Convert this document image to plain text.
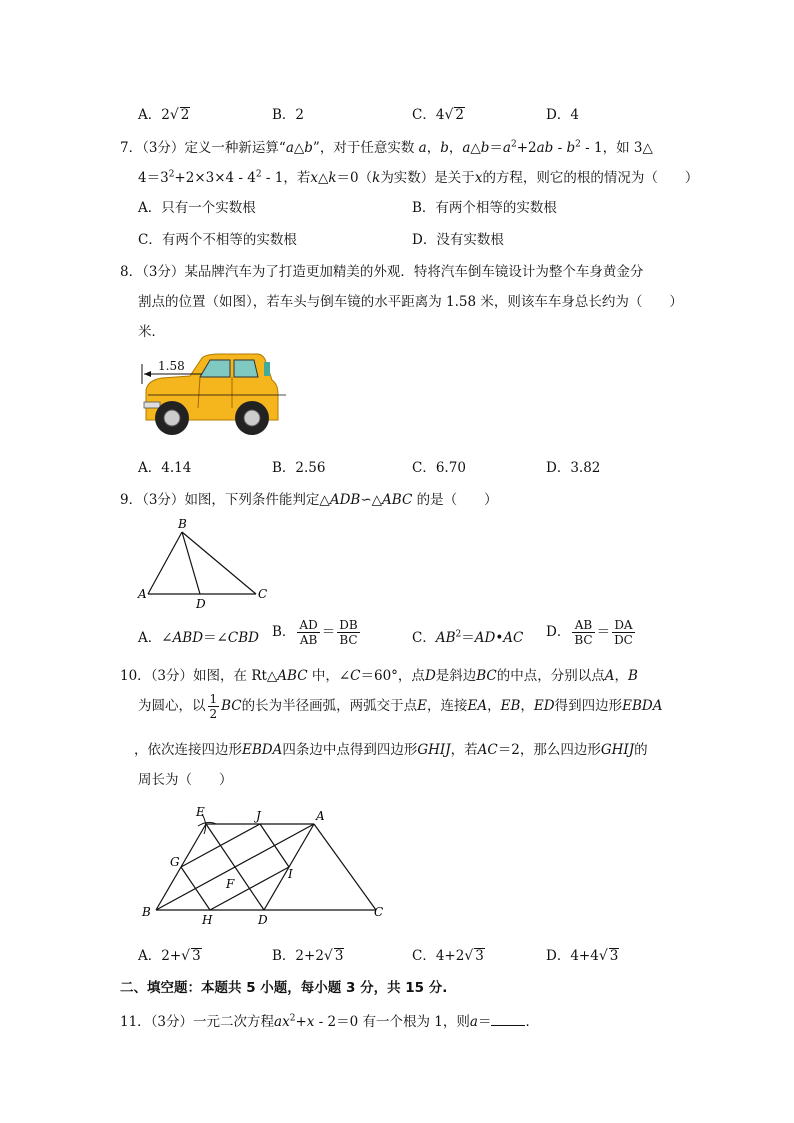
A．2√ 2	B．2	C．4√ 2	D．4
7．（3分）定义一种新运算“a△b”，对于任意实数 a，b，$a\triangle b=a^2+2ab - b^2 - 1$，如 3△
$4=3^2+2\times 3\times 4 - 4^2 - 1$，若x△k＝0（k为实数）是关于x的方程，则它的根的情况为（　　）
A．只有一个实数根	B．有两个相等的实数根
C．有两个不相等的实数根	D．没有实数根
8．（3分）某品牌汽车为了打造更加精美的外观．特将汽车倒车镜设计为整个车身黄金分
割点的位置（如图），若车头与倒车镜的水平距离为 1.58 米，则该车车身总长约为（　　）
米．
1.58
A．4.14	B．2.56	C．6.70	D．3.82
9．（3分）如图，下列条件能判定△ADB∽△ABC 的是（　　）
B
A
D
C
A．∠ABD＝∠CBD B． $\frac{AD}{AB} = \frac{DB}{BC}$	C．$AB^2=AD•AC$ D． $\frac{AB}{BC} = \frac{DA}{DC}$
10．（3分）如图，在 Rt△ABC 中，∠C＝60°，点D是斜边BC的中点，分别以点A，B
为圆心，以 $\frac{1}{2}$ BC的长为半径画弧，两弧交于点E，连接EA，EB，ED得到四边形EBDA
，依次连接四边形EBDA四条边中点得到四边形GHIJ，若AC＝2，那么四边形GHIJ的
周长为（　　）
E	J	A
G
I
F
B
H	D
C
A．2+√ 3	B．2+2√ 3	C．4+2√ 3	D．4+4√ 3
二、填空题：本题共 5 小题，每小题 3 分，共 15 分.
11．（3分）一元二次方程$ax^2+x - 2=0$ 有一个根为 1，则a＝	．
